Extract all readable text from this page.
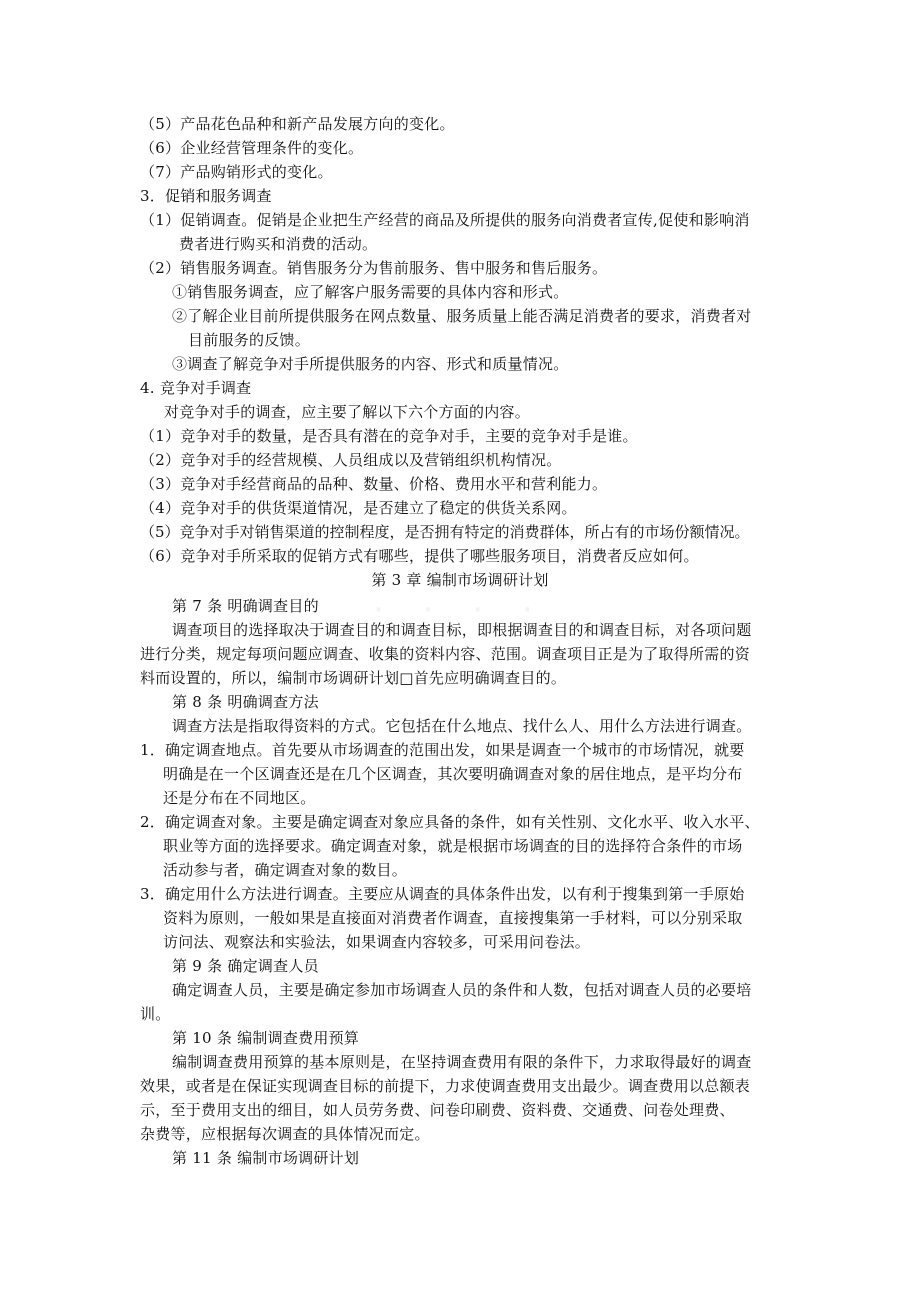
· · · ·
（5）产品花色品种和新产品发展方向的变化。
（6）企业经营管理条件的变化。
（7）产品购销形式的变化。
3．促销和服务调查
（1）促销调查。促销是企业把生产经营的商品及所提供的服务向消费者宣传,促使和影响消
费者进行购买和消费的活动。
（2）销售服务调查。销售服务分为售前服务、售中服务和售后服务。
①销售服务调查，应了解客户服务需要的具体内容和形式。
②了解企业目前所提供服务在网点数量、服务质量上能否满足消费者的要求，消费者对
目前服务的反馈。
③调查了解竞争对手所提供服务的内容、形式和质量情况。
4. 竞争对手调查
对竞争对手的调查，应主要了解以下六个方面的内容。
（1）竞争对手的数量，是否具有潜在的竞争对手，主要的竞争对手是谁。
（2）竞争对手的经营规模、人员组成以及营销组织机构情况。
（3）竞争对手经营商品的品种、数量、价格、费用水平和营利能力。
（4）竞争对手的供货渠道情况，是否建立了稳定的供货关系网。
（5）竞争对手对销售渠道的控制程度，是否拥有特定的消费群体，所占有的市场份额情况。
（6）竞争对手所采取的促销方式有哪些，提供了哪些服务项目，消费者反应如何。
第 3 章 编制市场调研计划
第 7 条 明确调查目的
调查项目的选择取决于调查目的和调查目标，即根据调查目的和调查目标，对各项问题
进行分类，规定每项问题应调查、收集的资料内容、范围。调查项目正是为了取得所需的资
料而设置的，所以，编制市场调研计划□首先应明确调查目的。
第 8 条 明确调查方法
调查方法是指取得资料的方式。它包括在什么地点、找什么人、用什么方法进行调查。
1．确定调查地点。首先要从市场调查的范围出发，如果是调查一个城市的市场情况，就要
明确是在一个区调查还是在几个区调查，其次要明确调查对象的居住地点，是平均分布
还是分布在不同地区。
2．确定调查对象。主要是确定调查对象应具备的条件，如有关性别、文化水平、收入水平、
职业等方面的选择要求。确定调查对象，就是根据市场调查的目的选择符合条件的市场
活动参与者，确定调查对象的数目。
3．确定用什么方法进行调查。主要应从调查的具体条件出发，以有利于搜集到第一手原始
资料为原则，一般如果是直接面对消费者作调查，直接搜集第一手材料，可以分别采取
访问法、观察法和实验法，如果调查内容较多，可采用问卷法。
第 9 条 确定调查人员
确定调查人员，主要是确定参加市场调查人员的条件和人数，包括对调查人员的必要培
训。
第 10 条 编制调查费用预算
编制调查费用预算的基本原则是，在坚持调查费用有限的条件下，力求取得最好的调查
效果，或者是在保证实现调查目标的前提下，力求使调查费用支出最少。调查费用以总额表
示，至于费用支出的细目，如人员劳务费、问卷印刷费、资料费、交通费、问卷处理费、
杂费等，应根据每次调查的具体情况而定。
第 11 条 编制市场调研计划
